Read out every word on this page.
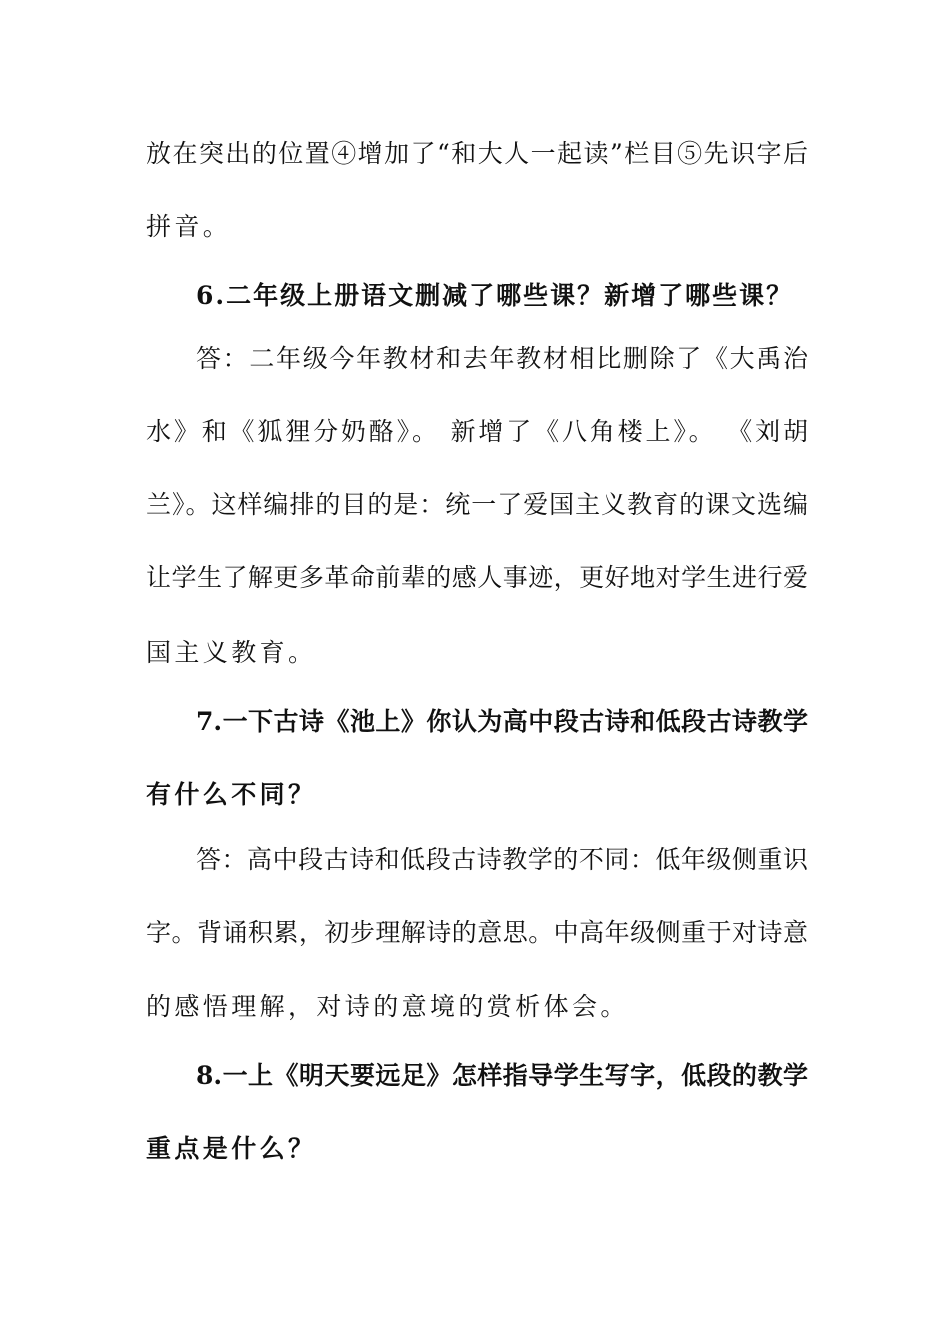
放在突出的位置④增加了“和大人一起读”栏目⑤先识字后
拼音。
6.二年级上册语文删减了哪些课？新增了哪些课？
答：二年级今年教材和去年教材相比删除了《大禹治
水》和《狐狸分奶酪》。 新增了《八角楼上》。 《刘胡
兰》。这样编排的目的是：统一了爱国主义教育的课文选编
让学生了解更多革命前辈的感人事迹，更好地对学生进行爱
国主义教育。
7.一下古诗《池上》你认为高中段古诗和低段古诗教学
有什么不同？
答：高中段古诗和低段古诗教学的不同：低年级侧重识
字。背诵积累，初步理解诗的意思。中高年级侧重于对诗意
的感悟理解，对诗的意境的赏析体会。
8.一上《明天要远足》怎样指导学生写字，低段的教学
重点是什么？
